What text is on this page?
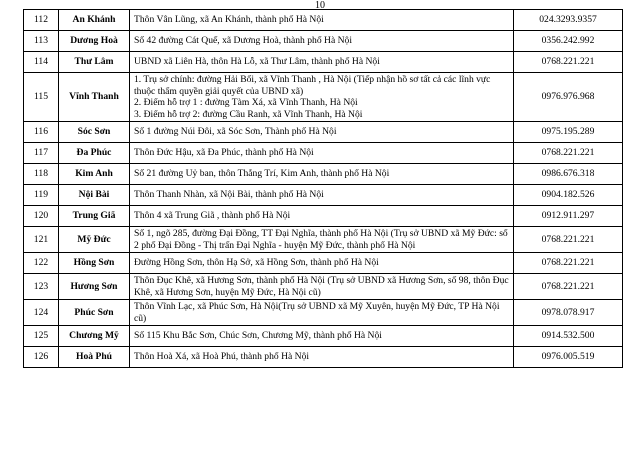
10
112	An Khánh	Thôn Vân Lũng, xã An Khánh, thành phố Hà Nội	024.3293.9357
113	Dương Hoà	Số 42 đường Cát Quế, xã Dương Hoà, thành phố Hà Nội	0356.242.992
114	Thư Lâm	UBND xã Liên Hà, thôn Hà Lỗ, xã Thư Lâm, thành phố Hà Nội	0768.221.221
115	Vĩnh Thanh	1. Trụ sở chính: đường Hải Bối, xã Vĩnh Thanh , Hà Nội (Tiếp nhận hồ sơ tất cả các lĩnh vực thuộc thẩm quyền giải quyết của UBND xã)
2. Điểm hỗ trợ 1 : đường Tàm Xá, xã Vĩnh Thanh, Hà Nội
3. Điểm hỗ trợ 2: đường Cầu Ranh, xã Vĩnh Thanh, Hà Nội	0976.976.968
116	Sóc Sơn	Số 1 đường Núi Đôi, xã Sóc Sơn, Thành phố Hà Nội	0975.195.289
117	Đa Phúc	Thôn Đức Hậu, xã Đa Phúc, thành phố Hà Nội	0768.221.221
118	Kim Anh	Số 21 đường Uỷ ban, thôn Thắng Trí, Kim Anh, thành phố Hà Nội	0986.676.318
119	Nội Bài	Thôn Thanh Nhàn, xã Nội Bài, thành phố Hà Nội	0904.182.526
120	Trung Giã	Thôn 4 xã Trung Giã , thành phố Hà Nội	0912.911.297
121	Mỹ Đức	Số 1, ngõ 285, đường Đại Đồng, TT Đại Nghĩa, thành phố Hà Nội (Trụ sở UBND xã Mỹ Đức: số 2 phố Đại Đồng - Thị trấn Đại Nghĩa - huyện Mỹ Đức, thành phố Hà Nội	0768.221.221
122	Hồng Sơn	Đường Hồng Sơn, thôn Hạ Sở, xã Hồng Sơn, thành phố Hà Nội	0768.221.221
123	Hương Sơn	Thôn Đục Khê, xã Hương Sơn, thành phố Hà Nội (Trụ sở UBND xã Hương Sơn, số 98, thôn Đục Khê, xã Hương Sơn, huyện Mỹ Đức, Hà Nội cũ)	0768.221.221
124	Phúc Sơn	Thôn Vĩnh Lạc, xã Phúc Sơn, Hà Nội(Trụ sở UBND xã Mỹ Xuyên, huyện Mỹ Đức, TP Hà Nội cũ)	0978.078.917
125	Chương Mỹ	Số 115 Khu Bắc Sơn, Chúc Sơn, Chương Mỹ, thành phố Hà Nội	0914.532.500
126	Hoà Phú	Thôn Hoà Xá, xã Hoà Phú, thành phố Hà Nội	0976.005.519
